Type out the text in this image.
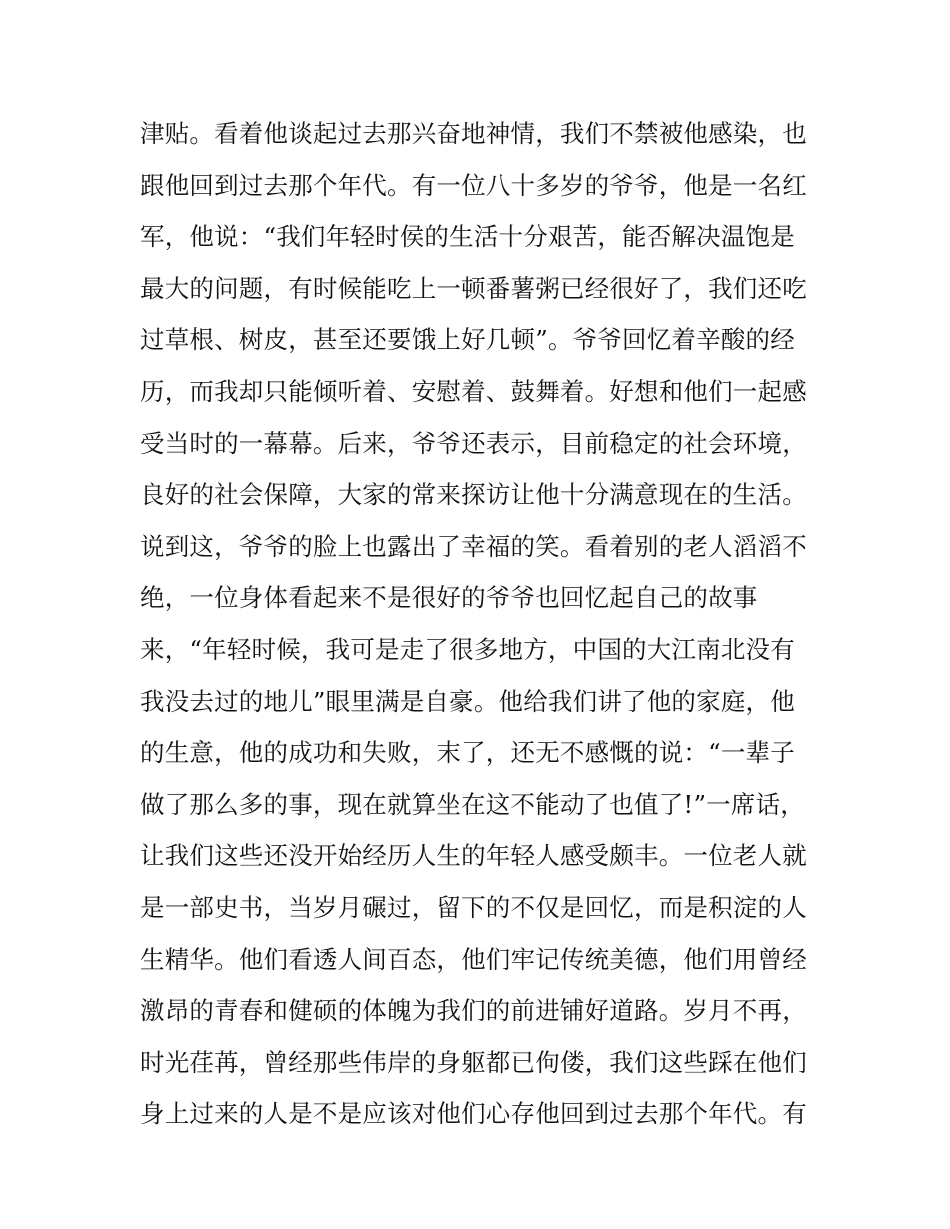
津贴。看着他谈起过去那兴奋地神情，我们不禁被他感染，也
跟他回到过去那个年代。有一位八十多岁的爷爷，他是一名红
军，他说：“我们年轻时侯的生活十分艰苦，能否解决温饱是
最大的问题，有时候能吃上一顿番薯粥已经很好了，我们还吃
过草根、树皮，甚至还要饿上好几顿”。爷爷回忆着辛酸的经
历，而我却只能倾听着、安慰着、鼓舞着。好想和他们一起感
受当时的一幕幕。后来，爷爷还表示，目前稳定的社会环境，
良好的社会保障，大家的常来探访让他十分满意现在的生活。
说到这，爷爷的脸上也露出了幸福的笑。看着别的老人滔滔不
绝，一位身体看起来不是很好的爷爷也回忆起自己的故事
来，“年轻时候，我可是走了很多地方，中国的大江南北没有
我没去过的地儿”眼里满是自豪。他给我们讲了他的家庭，他
的生意，他的成功和失败，末了，还无不感慨的说：“一辈子
做了那么多的事，现在就算坐在这不能动了也值了!”一席话，
让我们这些还没开始经历人生的年轻人感受颇丰。一位老人就
是一部史书，当岁月碾过，留下的不仅是回忆，而是积淀的人
生精华。他们看透人间百态，他们牢记传统美德，他们用曾经
激昂的青春和健硕的体魄为我们的前进铺好道路。岁月不再，
时光荏苒，曾经那些伟岸的身躯都已佝偻，我们这些踩在他们
身上过来的人是不是应该对他们心存他回到过去那个年代。有
